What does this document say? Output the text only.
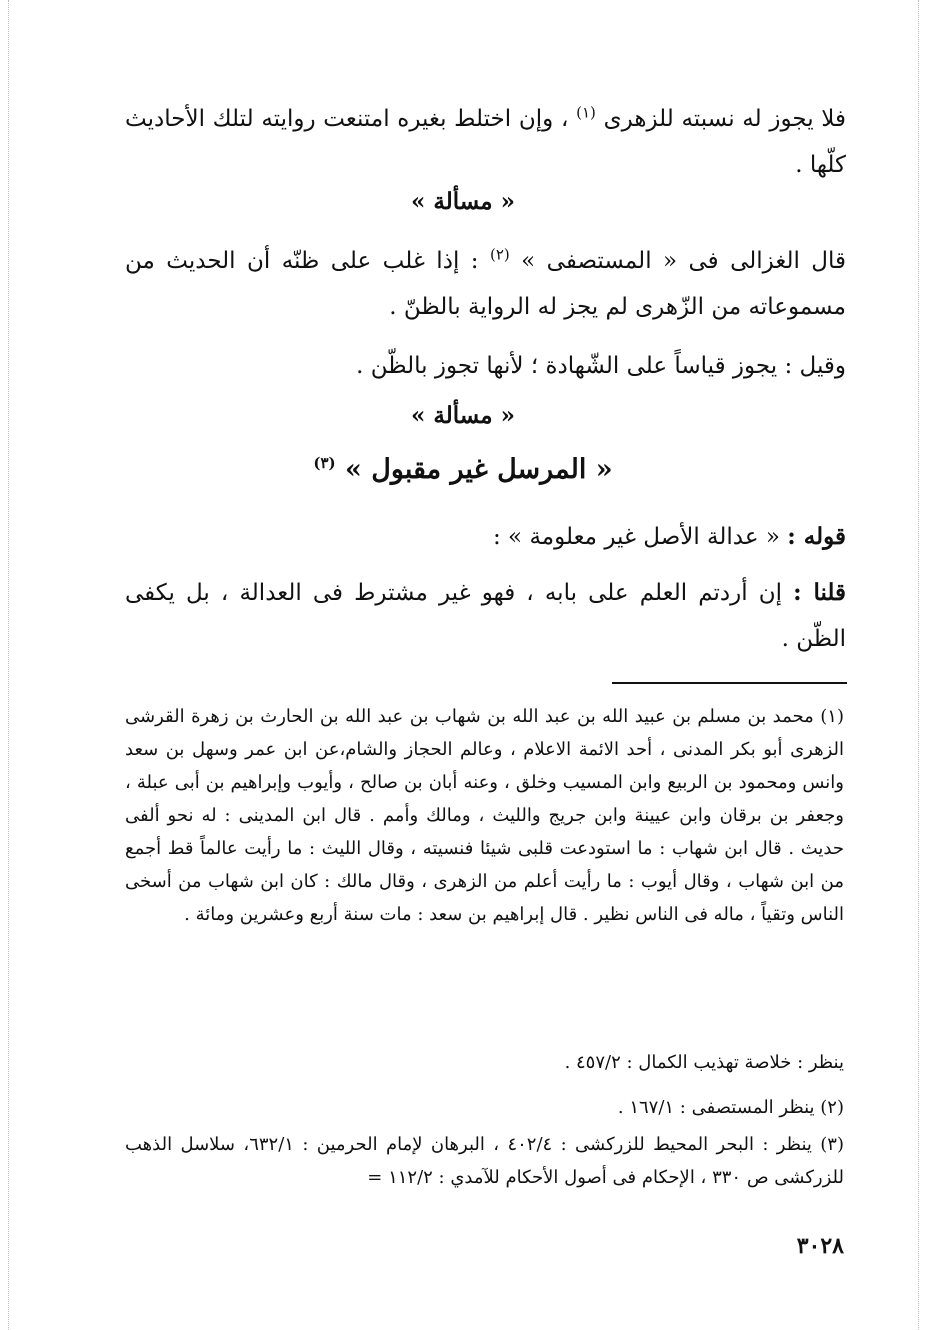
فلا يجوز له نسبته للزهرى $^{(١)}$ ، وإن اختلط بغيره امتنعت روايته لتلك الأحاديث كلّها .
« مسألة »
قال الغزالى فى « المستصفى » $^{(٢)}$ : إذا غلب على ظنّه أن الحديث من مسموعاته من الزّهرى لم يجز له الرواية بالظنّ .
وقيل : يجوز قياساً على الشّهادة ؛ لأنها تجوز بالظّن .
« مسألة »
« المرسل غير مقبول » $^{(٣)}$
قوله : « عدالة الأصل غير معلومة » :
قلنا : إن أردتم العلم على بابه ، فهو غير مشترط فى العدالة ، بل يكفى الظّن .
(١) محمد بن مسلم بن عبيد الله بن عبد الله بن شهاب بن عبد الله بن الحارث بن زهرة القرشى الزهرى أبو بكر المدنى ، أحد الائمة الاعلام ، وعالم الحجاز والشام،عن ابن عمر وسهل بن سعد وانس ومحمود بن الربيع وابن المسيب وخلق ، وعنه أبان بن صالح ، وأيوب وإبراهيم بن أبى عبلة ، وجعفر بن برقان وابن عيينة وابن جريج والليث ، ومالك وأمم . قال ابن المدينى : له نحو ألفى حديث . قال ابن شهاب : ما استودعت قلبى شيئا فنسيته ، وقال الليث : ما رأيت عالماً قط أجمع من ابن شهاب ، وقال أيوب : ما رأيت أعلم من الزهرى ، وقال مالك : كان ابن شهاب من أسخى الناس وتقياً ، ماله فى الناس نظير . قال إبراهيم بن سعد : مات سنة أربع وعشرين ومائة .
ينظر : خلاصة تهذيب الكمال : ٤٥٧/٢ .
(٢) ينظر المستصفى : ١٦٧/١ .
(٣) ينظر : البحر المحيط للزركشى : ٤٠٢/٤ ، البرهان لإمام الحرمين : ٦٣٢/١، سلاسل الذهب للزركشى ص ٣٣٠ ، الإحكام فى أصول الأحكام للآمدي : ١١٢/٢ =
٣٠٢٨
